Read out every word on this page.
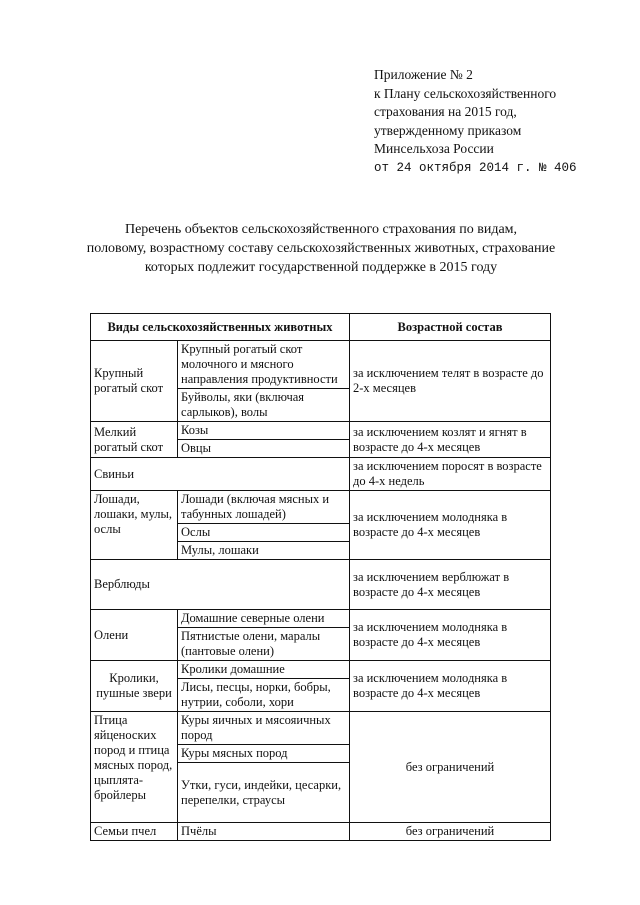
Приложение № 2
к Плану сельскохозяйственного
страхования на 2015 год,
утвержденному приказом
Минсельхоза России
от 24 октября 2014 г. № 406
Перечень объектов сельскохозяйственного страхования по видам,
половому, возрастному составу сельскохозяйственных животных, страхование
которых подлежит государственной поддержке в 2015 году
Виды сельскохозяйственных животных		Возрастной состав
Крупный рогатый скот	Крупный рогатый скот молочного и мясного направления продуктивности	за исключением телят в возрасте до 2-х месяцев
	Буйволы, яки (включая сарлыков), волы	
Мелкий рогатый скот	Козы	за исключением козлят и ягнят в возрасте до 4-х месяцев
	Овцы	
Свиньи		за исключением поросят в возрасте до 4-х недель
Лошади, лошаки, мулы, ослы	Лошади (включая мясных и табунных лошадей)	за исключением молодняка в возрасте до 4-х месяцев
	Ослы	
	Мулы, лошаки	
Верблюды		за исключением верблюжат в возрасте до 4-х месяцев
Олени	Домашние северные олени	за исключением молодняка в возрасте до 4-х месяцев
	Пятнистые олени, маралы (пантовые олени)	
Кролики, пушные звери	Кролики домашние	за исключением молодняка в возрасте до 4-х месяцев
	Лисы, песцы, норки, бобры, нутрии, соболи, хори	
Птица яйценоских пород и птица мясных пород, цыплята-бройлеры	Куры яичных и мясояичных пород	без ограничений
	Куры мясных пород	
	Утки, гуси, индейки, цесарки, перепелки, страусы	
Семьи пчел	Пчёлы	без ограничений
